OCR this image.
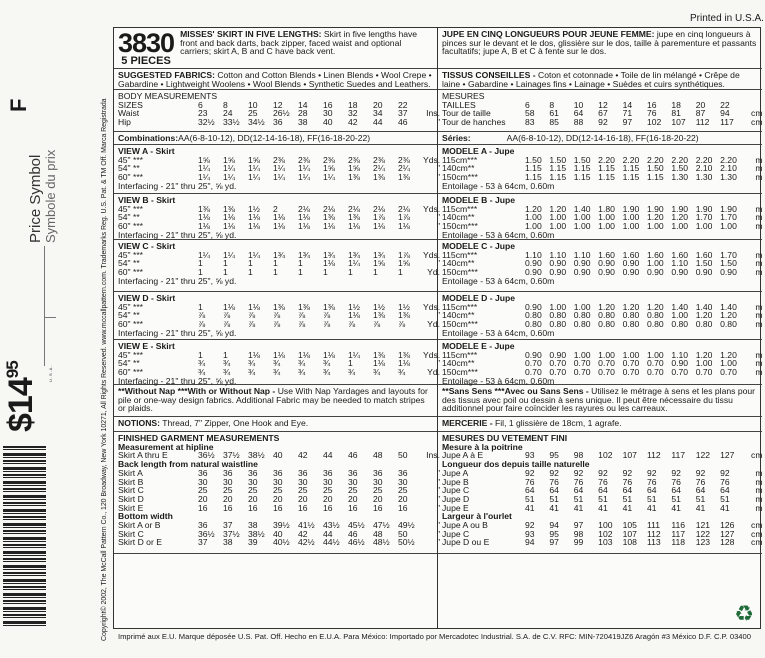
$\$14^{95}$	U.S.A.
Price Symbol Symbole du prix
F	Copyright© 2002, The McCall Pattern Co., 120 Broadway, New York 10271, All Rights Reserved. www.mccallpattern.com. Trademarks Reg. U.S. Pat. & TM Off. Marca Registrada
Printed in U.S.A.
3830
5 PIECES
MISSES' SKIRT IN FIVE LENGTHS: Skirt in five lengths have front and back darts, back zipper, faced waist and optional carriers; skirt A, B and C have back vent.
SUGGESTED FABRICS: Cotton and Cotton Blends • Linen Blends • Wool Crepe • Gabardine • Lightweight Woolens • Wool Blends • Synthetic Suedes and Leathers.
BODY MEASUREMENTS
SIZES	6	8	10	12	14	16	18	20	22
Waist	23	24	25	26½ 28	30	32	34	37	Ins.
Hip	32½ 33½ 34½ 36	38	40	42	44	46	"
Combinations: AA(6-8-10-12), DD(12-14-16-18), FF(16-18-20-22)
VIEW A - Skirt
45" ***	1⅝	1⅝	1⅝	2⅜	2⅜	2⅜	2⅜	2⅜	2⅜	Yds.
54" **	1¼	1¼	1¼	1¼	1¼	1⅝	1⅝	2¼	2¼	"
60" ***	1¼	1¼	1¼	1¼	1¼	1¼	1⅜	1⅜	1⅜	"
Interfacing - 21" thru 25", ⅝ yd.
VIEW B - Skirt
45" ***	1⅜	1⅜	1½	2	2⅛	2⅛	2⅛	2⅛	2⅛	Yds.
54" **	1⅛	1⅛	1⅛	1⅛	1⅛	1⅜	1⅜	1⅞	1⅞	"
60" ***	1⅛	1⅛	1⅛	1⅛	1⅛	1⅛	1⅛	1⅛	1⅛	"
Interfacing - 21" thru 25", ⅝ yd.
VIEW C - Skirt
45" ***	1¼	1¼	1¼	1¾	1¾	1¾	1¾	1¾	1⅞	Yds.
54" **	1	1	1	1	1	1⅛	1¼	1⅝	1⅝	"
60" ***	1	1	1	1	1	1	1	1	1	Yd.
Interfacing - 21" thru 25", ⅝ yd.
VIEW D - Skirt
45" ***	1	1⅛	1⅛	1⅜	1⅜	1⅜	1½	1½	1½	Yds.
54" **	⅞	⅞	⅞	⅞	⅞	⅞	1⅛	1⅜	1⅜	"
60" ***	⅞	⅞	⅞	⅞	⅞	⅞	⅞	⅞	⅞	Yd.
Interfacing - 21" thru 25", ⅝ yd.
VIEW E - Skirt
45" ***	1	1	1⅛	1⅛	1⅛	1⅛	1¼	1⅜	1⅜	Yds.
54" **	¾	¾	¾	¾	¾	¾	1	1⅛	1⅛	"
60" ***	¾	¾	¾	¾	¾	¾	¾	¾	¾	Yd.
Interfacing - 21" thru 25", ⅝ yd.
**Without Nap ***With or Without Nap - Use With Nap Yardages and layouts for pile or one-way design fabrics. Additional Fabric may be needed to match stripes or plaids.
NOTIONS: Thread, 7" Zipper, One Hook and Eye.
FINISHED GARMENT MEASUREMENTS
Measurement at hipline
Skirt A thru E	36½ 37½ 38½ 40	42	44	46	48	50	Ins.
Back length from natural waistline
Skirt A	36	36	36	36	36	36	36	36	36	"
Skirt B	30	30	30	30	30	30	30	30	30	"
Skirt C	25	25	25	25	25	25	25	25	25	"
Skirt D	20	20	20	20	20	20	20	20	20	"
Skirt E	16	16	16	16	16	16	16	16	16	"
Bottom width
Skirt A or B	36	37	38	39½ 41½ 43½ 45½ 47½ 49½	"
Skirt C	36½ 37½ 38½ 40	42	44	46	48	50	"
Skirt D or E	37	38	39	40½ 42½ 44½ 46½ 48½ 50½	"
JUPE EN CINQ LONGUEURS POUR JEUNE FEMME: jupe en cinq longueurs à pinces sur le devant et le dos, glissière sur le dos, taille à parementure et passants facultatifs; jupe A, B et C à fente sur le dos.
TISSUS CONSEILLES - Coton et cotonnade • Toile de lin mélangé • Crêpe de laine • Gabardine • Lainages fins • Lainage • Suèdes et cuirs synthétiques.
MESURES
TAILLES	6	8	10	12	14	16	18	20	22
Tour de taille	58	61	64	67	71	76	81	87	94	cm
Tour de hanches	83	85	88	92	97	102	107	112	117	cm
Séries:	AA(6-8-10-12), DD(12-14-16-18), FF(16-18-20-22)
MODELE A - Jupe
115cm***	1.50 1.50 1.50 2.20 2.20 2.20 2.20 2.20 2.20	m
140cm**	1.15 1.15 1.15 1.15 1.15 1.50 1.50 2.10 2.10	m
150cm***	1.15 1.15 1.15 1.15 1.15 1.15 1.30 1.30 1.30	m
Entoilage - 53 à 64cm, 0.60m
MODELE B - Jupe
115cm***	1.20 1.20 1.40 1.80 1.90 1.90 1.90 1.90 1.90	m
140cm**	1.00 1.00 1.00 1.00 1.00 1.20 1.20 1.70 1.70	m
150cm***	1.00 1.00 1.00 1.00 1.00 1.00 1.00 1.00 1.00	m
Entoilage - 53 à 64cm, 0.60m
MODELE C - Jupe
115cm***	1.10 1.10 1.10 1.60 1.60 1.60 1.60 1.60 1.70	m
140cm**	0.90 0.90 0.90 0.90 0.90 1.00 1.10 1.50 1.50	m
150cm***	0.90 0.90 0.90 0.90 0.90 0.90 0.90 0.90 0.90	m
Entoilage - 53 à 64cm, 0.60m
MODELE D - Jupe
115cm***	0.90 1.00 1.00 1.20 1.20 1.20 1.40 1.40 1.40	m
140cm**	0.80 0.80 0.80 0.80 0.80 0.80 1.00 1.20 1.20	m
150cm***	0.80 0.80 0.80 0.80 0.80 0.80 0.80 0.80 0.80	m
Entoilage - 53 à 64cm, 0.60m
MODELE E - Jupe
115cm***	0.90 0.90 1.00 1.00 1.00 1.00 1.10 1.20 1.20	m
140cm**	0.70 0.70 0.70 0.70 0.70 0.70 0.90 1.00 1.00	m
150cm***	0.70 0.70 0.70 0.70 0.70 0.70 0.70 0.70 0.70	m
Entoilage - 53 à 64cm, 0.60m
**Sans Sens ***Avec ou Sans Sens - Utilisez le métrage à sens et les plans pour des tissus avec poil ou dessin à sens unique. Il peut être nécessaire du tissu additionnel pour faire coïncider les rayures ou les carreaux.
MERCERIE - Fil, 1 glissière de 18cm, 1 agrafe.
MESURES DU VETEMENT FINI
Mesure à la poitrine
Jupe A à E	93	95	98	102	107	112	117	122	127	cm
Longueur dos depuis taille naturelle
Jupe A	92	92	92	92	92	92	92	92	92	m
Jupe B	76	76	76	76	76	76	76	76	76	m
Jupe C	64	64	64	64	64	64	64	64	64	m
Jupe D	51	51	51	51	51	51	51	51	51	m
Jupe E	41	41	41	41	41	41	41	41	41	m
Largeur à l'ourlet
Jupe A ou B	92	94	97	100	105	111	116	121	126	cm
Jupe C	93	95	98	102	107	112	117	122	127	cm
Jupe D ou E	94	97	99	103	108	113	118	123	128	cm
♻
Imprimé aux E.U. Marque déposée U.S. Pat. Off. Hecho en E.U.A. Para México: Importado por Mercadotec Industrial. S.A. de C.V. RFC: MIN-720419JZ6 Aragón #3 México D.F. C.P. 03400
